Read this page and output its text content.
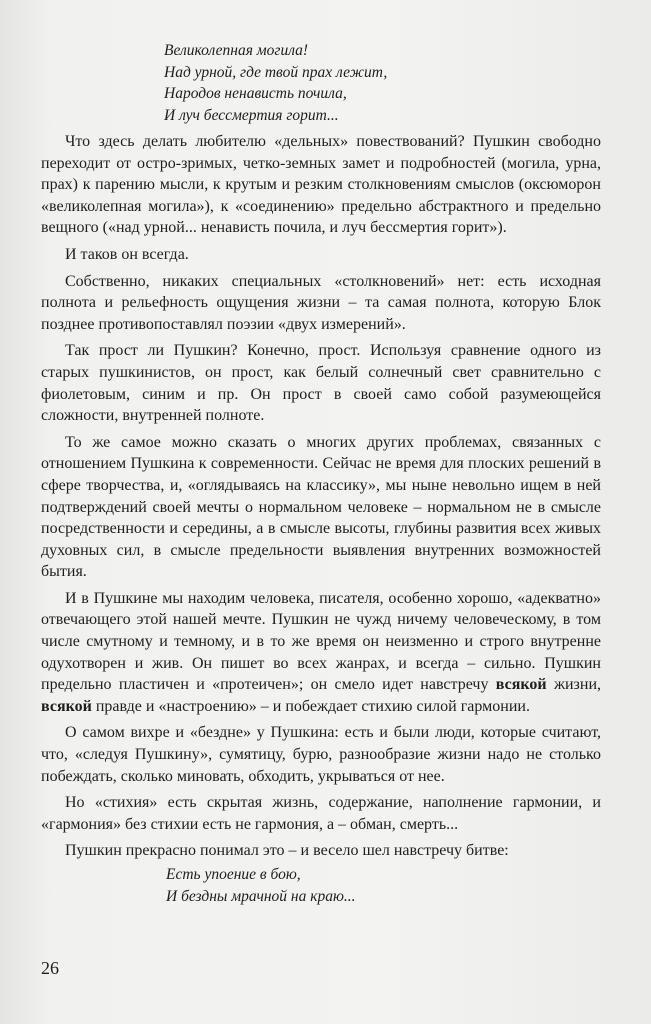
Великолепная могила!
Над урной, где твой прах лежит,
Народов ненависть почила,
И луч бессмертия горит...

Что здесь делать любителю «дельных» повествований? Пушкин свободно переходит от остро-зримых, четко-земных замет и подробностей (могила, урна, прах) к парению мысли, к крутым и резким столкновениям смыслов (оксюморон «великолепная могила»), к «соединению» предельно абстрактного и предельно вещного («над урной... ненависть почила, и луч бессмертия горит»).

И таков он всегда.

Собственно, никаких специальных «столкновений» нет: есть исходная полнота и рельефность ощущения жизни – та самая полнота, которую Блок позднее противопоставлял поэзии «двух измерений».

Так прост ли Пушкин? Конечно, прост. Используя сравнение одного из старых пушкинистов, он прост, как белый солнечный свет сравнительно с фиолетовым, синим и пр. Он прост в своей само собой разумеющейся сложности, внутренней полноте.

То же самое можно сказать о многих других проблемах, связанных с отношением Пушкина к современности. Сейчас не время для плоских решений в сфере творчества, и, «оглядываясь на классику», мы ныне невольно ищем в ней подтверждений своей мечты о нормальном человеке – нормальном не в смысле посредственности и середины, а в смысле высоты, глубины развития всех живых духовных сил, в смысле предельности выявления внутренних возможностей бытия.

И в Пушкине мы находим человека, писателя, особенно хорошо, «адекватно» отвечающего этой нашей мечте. Пушкин не чужд ничему человеческому, в том числе смутному и темному, и в то же время он неизменно и строго внутренне одухотворен и жив. Он пишет во всех жанрах, и всегда – сильно. Пушкин предельно пластичен и «протеичен»; он смело идет навстречу всякой жизни, всякой правде и «настроению» – и побеждает стихию силой гармонии.

О самом вихре и «бездне» у Пушкина: есть и были люди, которые считают, что, «следуя Пушкину», сумятицу, бурю, разнообразие жизни надо не столько побеждать, сколько миновать, обходить, укрываться от нее.

Но «стихия» есть скрытая жизнь, содержание, наполнение гармонии, и «гармония» без стихии есть не гармония, а – обман, смерть...

Пушкин прекрасно понимал это – и весело шел навстречу битве:

Есть упоение в бою,
И бездны мрачной на краю...
26
